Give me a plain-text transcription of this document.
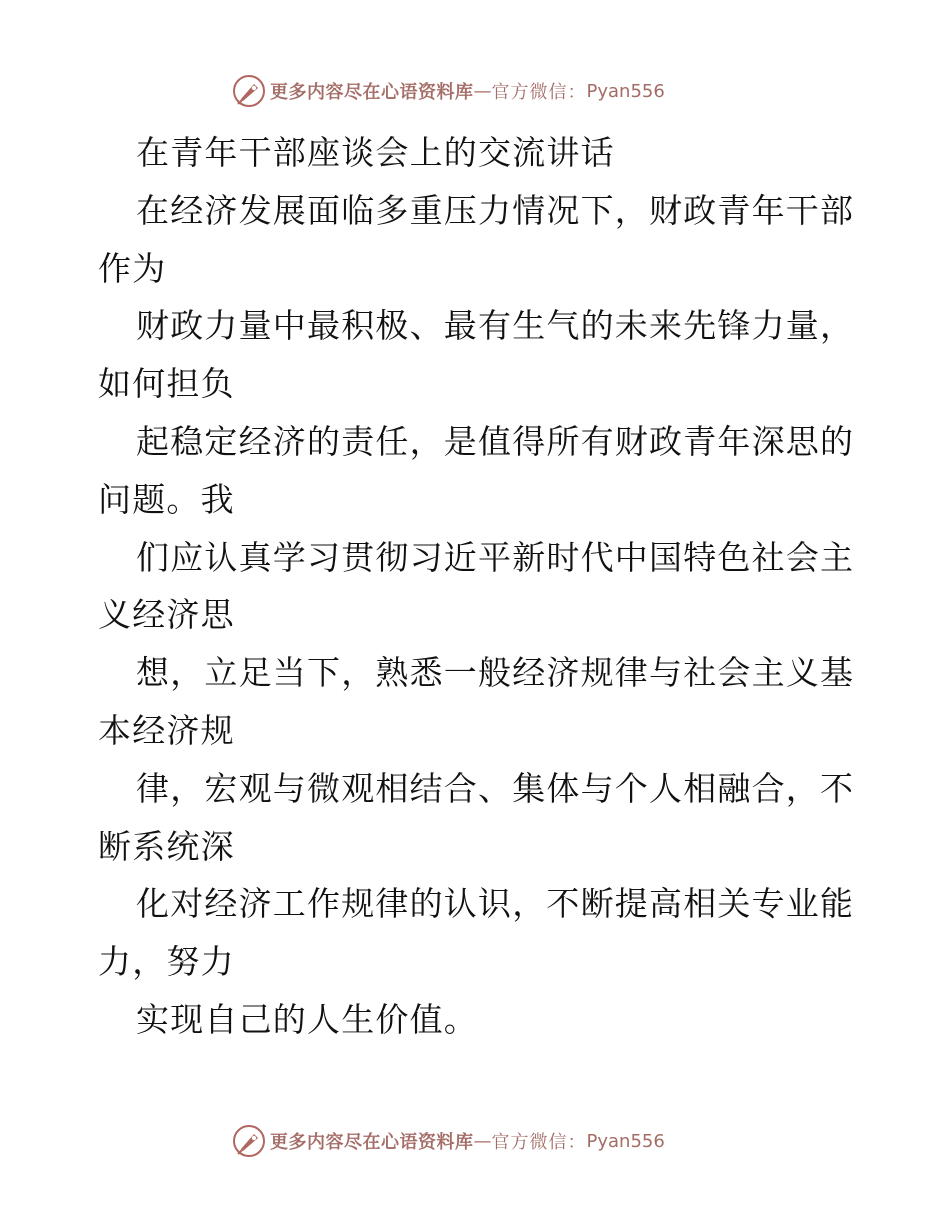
更多内容尽在心语资料库 — 官方微信： Pyan556
在青年干部座谈会上的交流讲话
在经济发展面临多重压力情况下，财政青年干部
作为
财政力量中最积极、最有生气的未来先锋力量，
如何担负
起稳定经济的责任，是值得所有财政青年深思的
问题。我
们应认真学习贯彻习近平新时代中国特色社会主
义经济思
想，立足当下，熟悉一般经济规律与社会主义基
本经济规
律，宏观与微观相结合、集体与个人相融合，不
断系统深
化对经济工作规律的认识，不断提高相关专业能
力，努力
实现自己的人生价值。
更多内容尽在心语资料库 — 官方微信： Pyan556
